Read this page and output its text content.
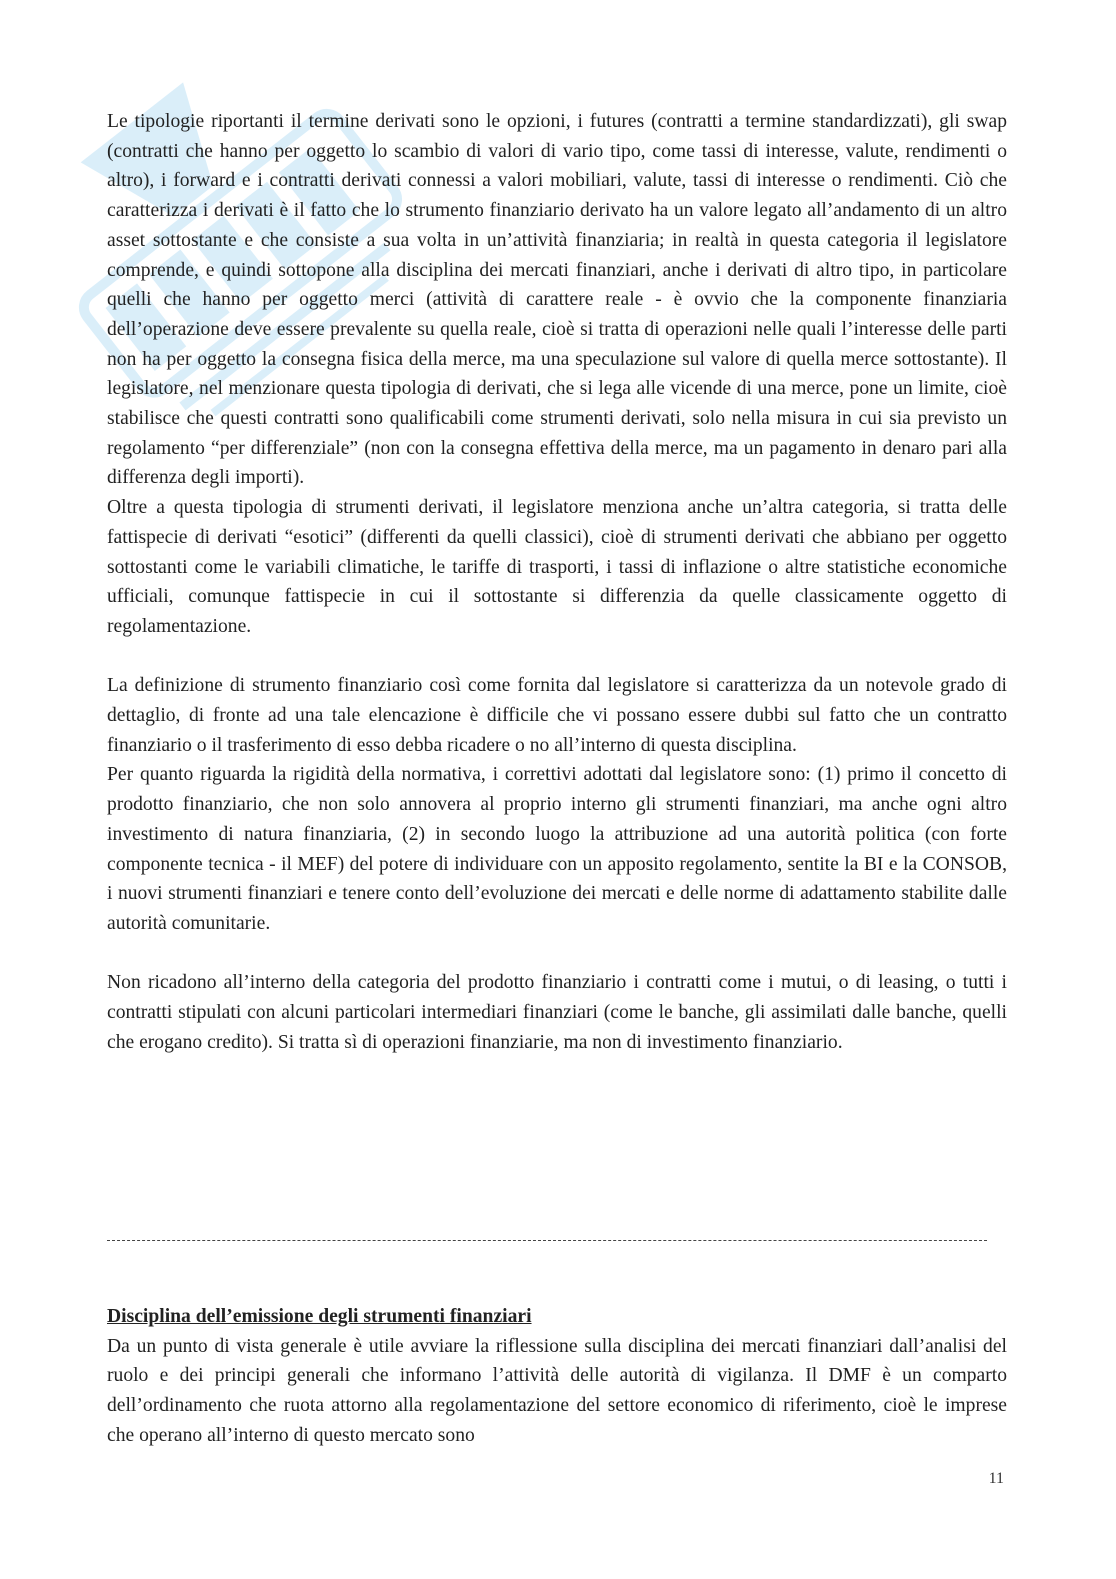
Le tipologie riportanti il termine derivati sono le opzioni, i futures (contratti a termine standardizzati), gli swap (contratti che hanno per oggetto lo scambio di valori di vario tipo, come tassi di interesse, valute, rendimenti o altro), i forward e i contratti derivati connessi a valori mobiliari, valute, tassi di interesse o rendimenti. Ciò che caratterizza i derivati è il fatto che lo strumento finanziario derivato ha un valore legato all’andamento di un altro asset sottostante e che consiste a sua volta in un’attività finanziaria; in realtà in questa categoria il legislatore comprende, e quindi sottopone alla disciplina dei mercati finanziari, anche i derivati di altro tipo, in particolare quelli che hanno per oggetto merci (attività di carattere reale - è ovvio che la componente finanziaria dell’operazione deve essere prevalente su quella reale, cioè si tratta di operazioni nelle quali l’interesse delle parti non ha per oggetto la consegna fisica della merce, ma una speculazione sul valore di quella merce sottostante). Il legislatore, nel menzionare questa tipologia di derivati, che si lega alle vicende di una merce, pone un limite, cioè stabilisce che questi contratti sono qualificabili come strumenti derivati, solo nella misura in cui sia previsto un regolamento “per differenziale” (non con la consegna effettiva della merce, ma un pagamento in denaro pari alla differenza degli importi).

Oltre a questa tipologia di strumenti derivati, il legislatore menziona anche un’altra categoria, si tratta delle fattispecie di derivati “esotici” (differenti da quelli classici), cioè di strumenti derivati che abbiano per oggetto sottostanti come le variabili climatiche, le tariffe di trasporti, i tassi di inflazione o altre statistiche economiche ufficiali, comunque fattispecie in cui il sottostante si differenzia da quelle classicamente oggetto di regolamentazione.

La definizione di strumento finanziario così come fornita dal legislatore si caratterizza da un notevole grado di dettaglio, di fronte ad una tale elencazione è difficile che vi possano essere dubbi sul fatto che un contratto finanziario o il trasferimento di esso debba ricadere o no all’interno di questa disciplina.

Per quanto riguarda la rigidità della normativa, i correttivi adottati dal legislatore sono: (1) primo il concetto di prodotto finanziario, che non solo annovera al proprio interno gli strumenti finanziari, ma anche ogni altro investimento di natura finanziaria, (2) in secondo luogo la attribuzione ad una autorità politica (con forte componente tecnica - il MEF) del potere di individuare con un apposito regolamento, sentite la BI e la CONSOB, i nuovi strumenti finanziari e tenere conto dell’evoluzione dei mercati e delle norme di adattamento stabilite dalle autorità comunitarie.

Non ricadono all’interno della categoria del prodotto finanziario i contratti come i mutui, o di leasing, o tutti i contratti stipulati con alcuni particolari intermediari finanziari (come le banche, gli assimilati dalle banche, quelli che erogano credito). Si tratta sì di operazioni finanziarie, ma non di investimento finanziario.

Disciplina dell’emissione degli strumenti finanziari

Da un punto di vista generale è utile avviare la riflessione sulla disciplina dei mercati finanziari dall’analisi del ruolo e dei principi generali che informano l’attività delle autorità di vigilanza. Il DMF è un comparto dell’ordinamento che ruota attorno alla regolamentazione del settore economico di riferimento, cioè le imprese che operano all’interno di questo mercato sono

11
